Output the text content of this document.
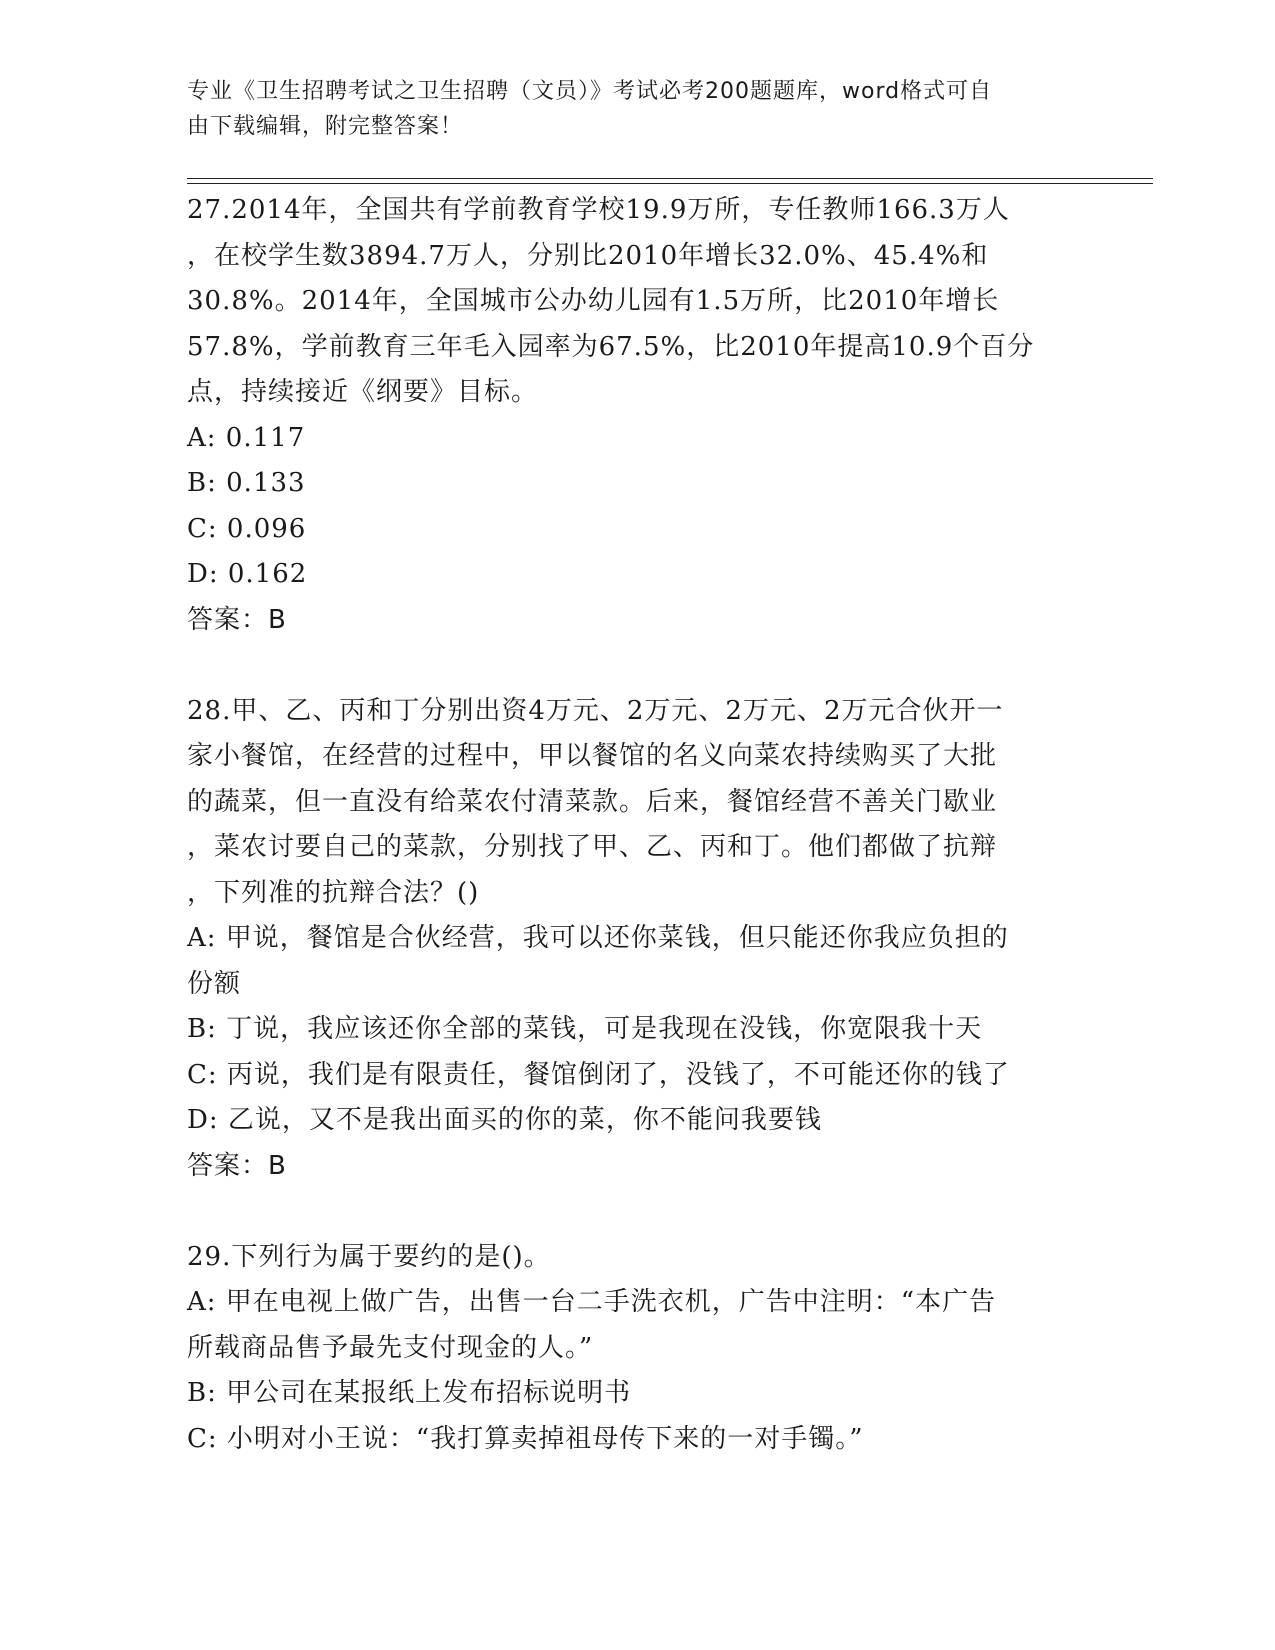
专业《卫生招聘考试之卫生招聘（文员）》考试必考200题题库，word格式可自
由下载编辑，附完整答案！
27.2014年，全国共有学前教育学校19.9万所，专任教师166.3万人
，在校学生数3894.7万人，分别比2010年增长32.0%、45.4%和
30.8%。2014年，全国城市公办幼儿园有1.5万所，比2010年增长
57.8%，学前教育三年毛入园率为67.5%，比2010年提高10.9个百分
点，持续接近《纲要》目标。
A: 0.117
B: 0.133
C: 0.096
D: 0.162
答案：B
28.甲、乙、丙和丁分别出资4万元、2万元、2万元、2万元合伙开一
家小餐馆，在经营的过程中，甲以餐馆的名义向菜农持续购买了大批
的蔬菜，但一直没有给菜农付清菜款。后来，餐馆经营不善关门歇业
，菜农讨要自己的菜款，分别找了甲、乙、丙和丁。他们都做了抗辩
，下列准的抗辩合法？()
A: 甲说，餐馆是合伙经营，我可以还你菜钱，但只能还你我应负担的
份额
B: 丁说，我应该还你全部的菜钱，可是我现在没钱，你宽限我十天
C: 丙说，我们是有限责任，餐馆倒闭了，没钱了，不可能还你的钱了
D: 乙说，又不是我出面买的你的菜，你不能问我要钱
答案：B
29.下列行为属于要约的是()。
A: 甲在电视上做广告，出售一台二手洗衣机，广告中注明：“本广告
所载商品售予最先支付现金的人。”
B: 甲公司在某报纸上发布招标说明书
C: 小明对小王说：“我打算卖掉祖母传下来的一对手镯。”
